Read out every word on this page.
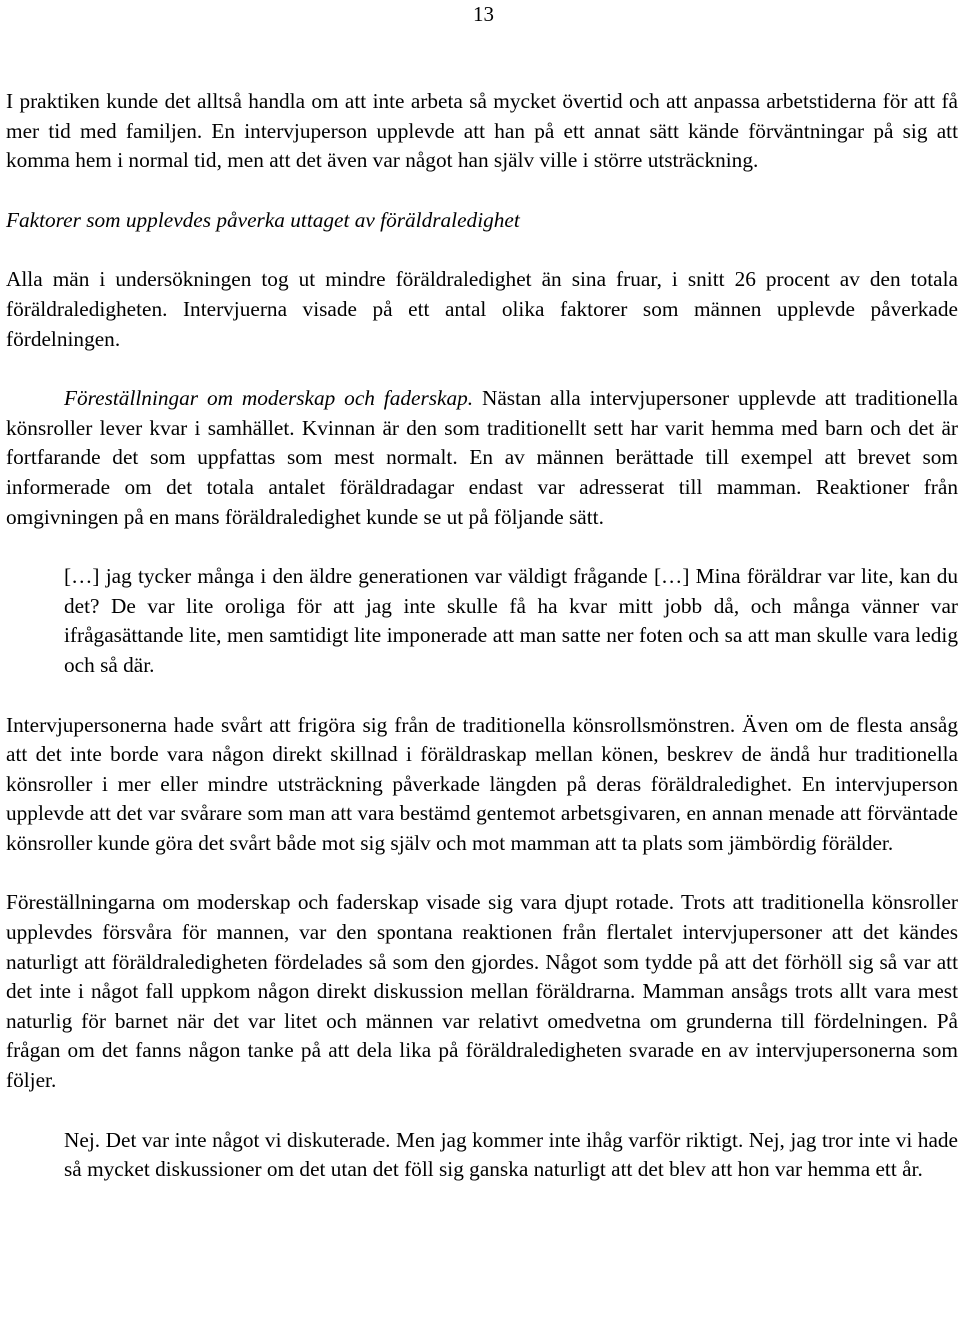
13

I praktiken kunde det alltså handla om att inte arbeta så mycket övertid och att anpassa arbetstiderna för att få mer tid med familjen. En intervjuperson upplevde att han på ett annat sätt kände förväntningar på sig att komma hem i normal tid, men att det även var något han själv ville i större utsträckning.

Faktorer som upplevdes påverka uttaget av föräldraledighet

Alla män i undersökningen tog ut mindre föräldraledighet än sina fruar, i snitt 26 procent av den totala föräldraledigheten. Intervjuerna visade på ett antal olika faktorer som männen upplevde påverkade fördelningen.

Föreställningar om moderskap och faderskap. Nästan alla intervjupersoner upplevde att traditionella könsroller lever kvar i samhället. Kvinnan är den som traditionellt sett har varit hemma med barn och det är fortfarande det som uppfattas som mest normalt. En av männen berättade till exempel att brevet som informerade om det totala antalet föräldradagar endast var adresserat till mamman. Reaktioner från omgivningen på en mans föräldraledighet kunde se ut på följande sätt.

[…] jag tycker många i den äldre generationen var väldigt frågande […] Mina föräldrar var lite, kan du det? De var lite oroliga för att jag inte skulle få ha kvar mitt jobb då, och många vänner var ifrågasättande lite, men samtidigt lite imponerade att man satte ner foten och sa att man skulle vara ledig och så där.

Intervjupersonerna hade svårt att frigöra sig från de traditionella könsrollsmönstren. Även om de flesta ansåg att det inte borde vara någon direkt skillnad i föräldraskap mellan könen, beskrev de ändå hur traditionella könsroller i mer eller mindre utsträckning påverkade längden på deras föräldraledighet. En intervjuperson upplevde att det var svårare som man att vara bestämd gentemot arbetsgivaren, en annan menade att förväntade könsroller kunde göra det svårt både mot sig själv och mot mamman att ta plats som jämbördig förälder.

Föreställningarna om moderskap och faderskap visade sig vara djupt rotade. Trots att traditionella könsroller upplevdes försvåra för mannen, var den spontana reaktionen från flertalet intervjupersoner att det kändes naturligt att föräldraledigheten fördelades så som den gjordes. Något som tydde på att det förhöll sig så var att det inte i något fall uppkom någon direkt diskussion mellan föräldrarna. Mamman ansågs trots allt vara mest naturlig för barnet när det var litet och männen var relativt omedvetna om grunderna till fördelningen. På frågan om det fanns någon tanke på att dela lika på föräldraledigheten svarade en av intervjupersonerna som följer.

Nej. Det var inte något vi diskuterade. Men jag kommer inte ihåg varför riktigt. Nej, jag tror inte vi hade så mycket diskussioner om det utan det föll sig ganska naturligt att det blev att hon var hemma ett år.
